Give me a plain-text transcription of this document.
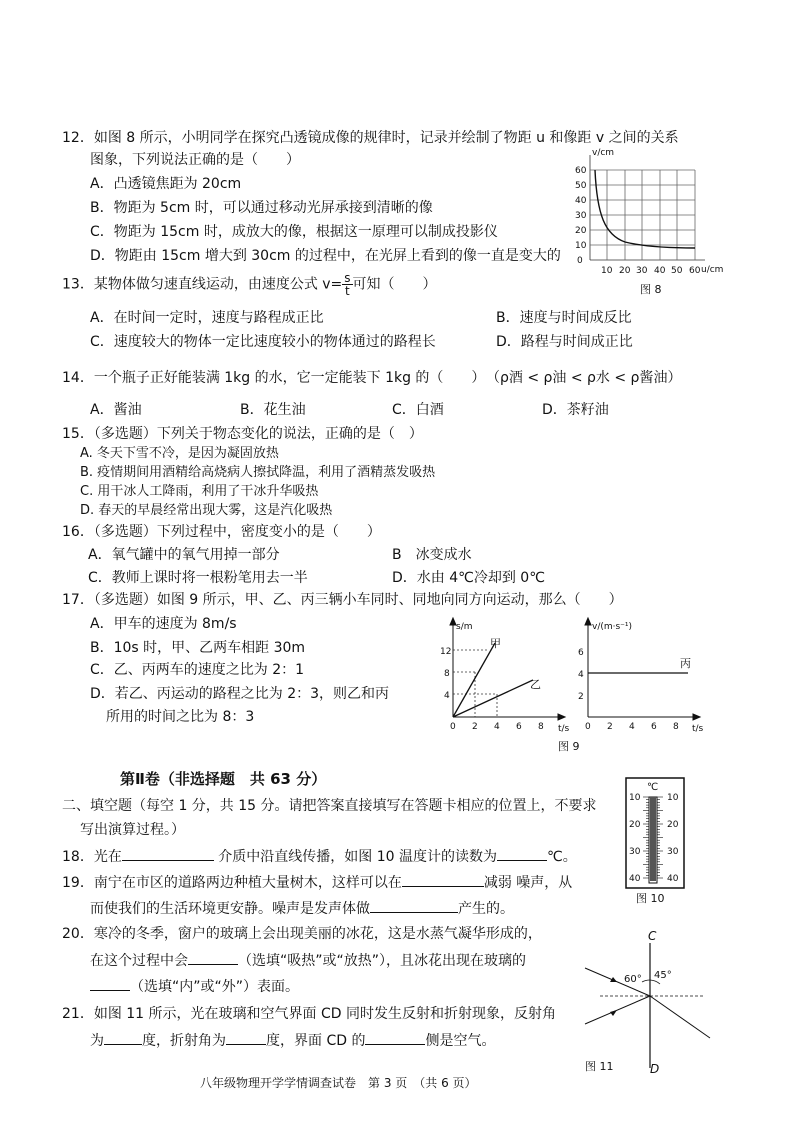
12．如图 8 所示，小明同学在探究凸透镜成像的规律时，记录并绘制了物距 u 和像距 v 之间的关系
图象，下列说法正确的是（　　）
A．凸透镜焦距为 20cm
B．物距为 5cm 时，可以通过移动光屏承接到清晰的像
C．物距为 15cm 时，成放大的像，根据这一原理可以制成投影仪
D．物距由 15cm 增大到 30cm 的过程中，在光屏上看到的像一直是变大的
v/cm
u/cm
0
10
20
30
40
50
60
10 20 30 40 50 60
图 8
13．某物体做匀速直线运动，由速度公式 $v= \frac{s}{t}$ 可知（　　）
A．在时间一定时，速度与路程成正比	B．速度与时间成反比
C．速度较大的物体一定比速度较小的物体通过的路程长	D．路程与时间成正比
14．一个瓶子正好能装满 1kg 的水，它一定能装下 1kg 的（　　） （ρ酒 < ρ油 < ρ水 < ρ酱油）
A．酱油	B．花生油	C．白酒	D．茶籽油
15．（多选题）下列关于物态变化的说法，正确的是（　）
A. 冬天下雪不冷，是因为凝固放热
B. 疫情期间用酒精给高烧病人擦拭降温，利用了酒精蒸发吸热
C. 用干冰人工降雨，利用了干冰升华吸热
D. 春天的早晨经常出现大雾，这是汽化吸热
16．（多选题）下列过程中，密度变小的是（　　）
A．氧气罐中的氧气用掉一部分	B　冰变成水
C．教师上课时将一根粉笔用去一半	D．水由 4℃冷却到 0℃
17．（多选题）如图 9 所示，甲、乙、丙三辆小车同时、同地向同方向运动，那么（　　）
A．甲车的速度为 8m/s
B．10s 时，甲、乙两车相距 30m
C．乙、丙两车的速度之比为 2：1
D．若乙、丙运动的路程之比为 2：3，则乙和丙
所用的时间之比为 8：3
s/m
t/s
甲
乙
4
8
12
0 2 4 6 8
v/(m·s⁻¹)
t/s
丙
2
4
6
0 2 4 6 8
图 9
第Ⅱ卷（非选择题　共 63 分）
二、填空题（每空 1 分，共 15 分。请把答案直接填写在答题卡相应的位置上，不要求
写出演算过程。）
℃
10
20
30
40
10
20
30
40
图 10
18．光在	介质中沿直线传播，如图 10 温度计的读数为	℃。
19．南宁在市区的道路两边种植大量树木，这样可以在	减弱 噪声，从
而使我们的生活环境更安静。噪声是发声体做	产生的。
20．寒冷的冬季，窗户的玻璃上会出现美丽的冰花，这是水蒸气凝华形成的，
在这个过程中会	（选填“吸热”或“放热”），且冰花出现在玻璃的
（选填“内”或“外”）表面。
21．如图 11 所示，光在玻璃和空气界面 CD 同时发生反射和折射现象，反射角
为	度，折射角为	度，界面 CD 的	侧是空气。
C
D
60° 45°
图 11
八年级物理开学学情调查试卷　第 3 页　（共 6 页）
